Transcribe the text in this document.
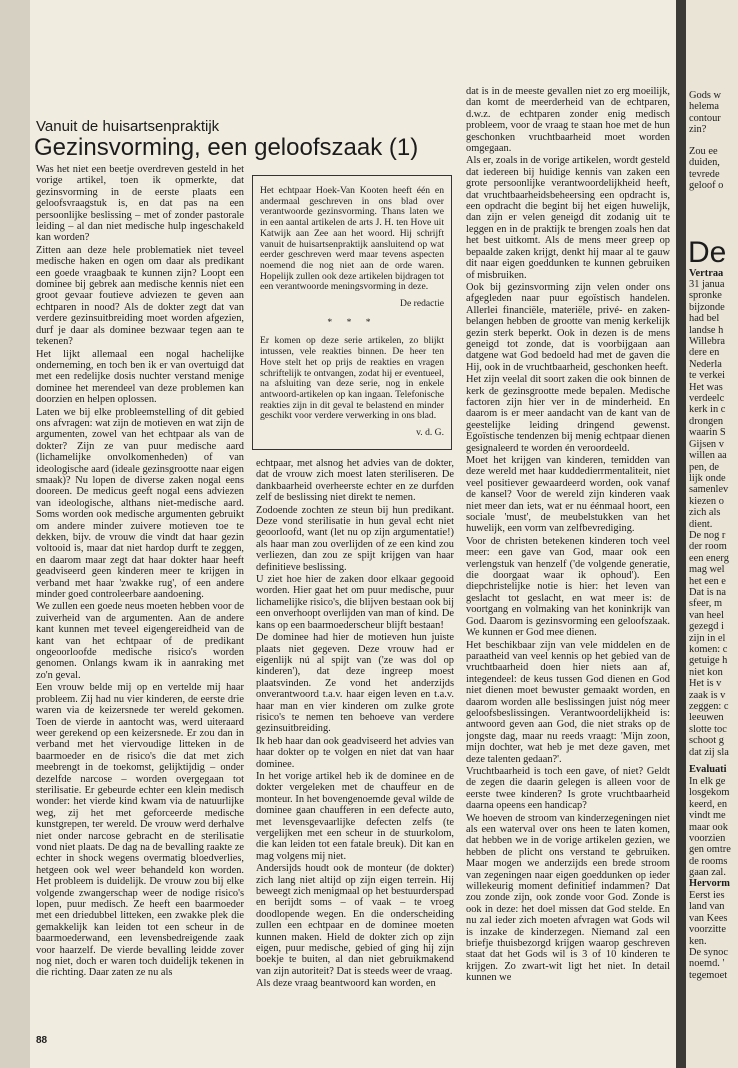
Vanuit de huisartsenpraktijk
Gezinsvorming, een geloofszaak (1)

Was het niet een beetje overdreven gesteld in het vorige artikel, toen ik opmerkte, dat gezinsvorming in de eerste plaats een geloofsvraagstuk is, en dat pas na een persoonlijke beslissing – met of zonder pastorale leiding – al dan niet medische hulp ingeschakeld kan worden?

Zitten aan deze hele problematiek niet teveel medische haken en ogen om daar als predikant een goede vraagbaak te kunnen zijn? Loopt een dominee bij gebrek aan medische kennis niet een groot gevaar foutieve adviezen te geven aan echtparen in nood? Als de dokter zegt dat van verdere gezinsuitbreiding moet worden afgezien, durf je daar als dominee bezwaar tegen aan te tekenen?

Het lijkt allemaal een nogal hachelijke onderneming, en toch ben ik er van overtuigd dat met een redelijke dosis nuchter verstand menige dominee het merendeel van deze problemen kan doorzien en helpen oplossen.

Laten we bij elke probleemstelling of dit gebied ons afvragen: wat zijn de motieven en wat zijn de argumenten, zowel van het echtpaar als van de dokter? Zijn ze van puur medische aard (lichamelijke onvolkomenheden) of van ideologische aard (ideale gezinsgrootte naar eigen smaak)? Nu lopen de diverse zaken nogal eens dooreen. De medicus geeft nogal eens adviezen van ideologische, althans niet-medische aard. Soms worden ook medische argumenten gebruikt om andere minder zuivere motieven toe te dekken, bijv. de vrouw die vindt dat haar gezin voltooid is, maar dat niet hardop durft te zeggen, en daarom maar zegt dat haar dokter haar heeft geadviseerd geen kinderen meer te krijgen in verband met haar 'zwakke rug', of een andere minder goed controleerbare aandoening.

We zullen een goede neus moeten hebben voor de zuiverheid van de argumenten. Aan de andere kant kunnen met teveel eigengereidheid van de kant van het echtpaar of de predikant ongeoorloofde medische risico's worden genomen. Onlangs kwam ik in aanraking met zo'n geval.

Een vrouw belde mij op en vertelde mij haar probleem. Zij had nu vier kinderen, de eerste drie waren via de keizersnede ter wereld gekomen. Toen de vierde in aantocht was, werd uiteraard weer gerekend op een keizersnede. Er zou dan in verband met het viervoudige litteken in de baarmoeder en de risico's die dat met zich meebrengt in de toekomst, gelijktijdig – onder dezelfde narcose – worden overgegaan tot sterilisatie. Er gebeurde echter een klein medisch wonder: het vierde kind kwam via de natuurlijke weg, zij het met geforceerde medische kunstgrepen, ter wereld. De vrouw werd derhalve niet onder narcose gebracht en de sterilisatie vond niet plaats. De dag na de bevalling raakte ze echter in shock wegens overmatig bloedverlies, hetgeen ook wel weer behandeld kon worden. Het probleem is duidelijk. De vrouw zou bij elke volgende zwangerschap weer de nodige risico's lopen, puur medisch. Ze heeft een baarmoeder met een driedubbel litteken, een zwakke plek die gemakkelijk kan leiden tot een scheur in de baarmoederwand, een levensbedreigende zaak voor haarzelf. De vierde bevalling leidde zover nog niet, doch er waren toch duidelijk tekenen in die richting. Daar zaten ze nu als

Het echtpaar Hoek-Van Kooten heeft één en andermaal geschreven in ons blad over verantwoorde gezinsvorming. Thans laten we in een aantal artikelen de arts J. H. ten Hove uit Katwijk aan Zee aan het woord. Hij schrijft vanuit de huisartsenpraktijk aansluitend op wat eerder geschreven werd maar tevens aspecten noemend die nog niet aan de orde waren. Hopelijk zullen ook deze artikelen bijdragen tot een verantwoorde meningsvorming in deze.

De redactie

* * *

Er komen op deze serie artikelen, zo blijkt intussen, vele reakties binnen. De heer ten Hove stelt het op prijs de reakties en vragen schriftelijk te ontvangen, zodat hij er eventueel, na afsluiting van deze serie, nog in enkele antwoord-artikelen op kan ingaan. Telefonische reakties zijn in dit geval te belastend en minder geschikt voor verdere verwerking in ons blad.

v. d. G.

echtpaar, met alsnog het advies van de dokter, dat de vrouw zich moest laten steriliseren. De dankbaarheid overheerste echter en ze durfden zelf de beslissing niet direkt te nemen.

Zodoende zochten ze steun bij hun predikant. Deze vond sterilisatie in hun geval echt niet geoorloofd, want (let nu op zijn argumentatie!) als haar man zou overlijden of ze een kind zou verliezen, dan zou ze spijt krijgen van haar definitieve beslissing.

U ziet hoe hier de zaken door elkaar gegooid worden. Hier gaat het om puur medische, puur lichamelijke risico's, die blijven bestaan ook bij een onverhoopt overlijden van man of kind. De kans op een baarmoederscheur blijft bestaan!

De dominee had hier de motieven hun juiste plaats niet gegeven. Deze vrouw had er eigenlijk nú al spijt van ('ze was dol op kinderen'), dat deze ingreep moest plaatsvinden. Ze vond het anderzijds onverantwoord t.a.v. haar eigen leven en t.a.v. haar man en vier kinderen om zulke grote risico's te nemen ten behoeve van verdere gezinsuitbreiding.

Ik heb haar dan ook geadviseerd het advies van haar dokter op te volgen en niet dat van haar dominee.

In het vorige artikel heb ik de dominee en de dokter vergeleken met de chauffeur en de monteur. In het bovengenoemde geval wilde de dominee gaan chaufferen in een defecte auto, met levensgevaarlijke defecten zelfs (te vergelijken met een scheur in de stuurkolom, die kan leiden tot een fatale breuk). Dit kan en mag volgens mij niet.

Andersijds houdt ook de monteur (de dokter) zich lang niet altijd op zijn eigen terrein. Hij beweegt zich menigmaal op het bestuurderspad en berijdt soms – of vaak – te vroeg doodlopende wegen. En die onderscheiding zullen een echtpaar en de dominee moeten kunnen maken. Hield de dokter zich op zijn eigen, puur medische, gebied of ging hij zijn boekje te buiten, al dan niet gebruikmakend van zijn autoriteit? Dat is steeds weer de vraag.

Als deze vraag beantwoord kan worden, en

dat is in de meeste gevallen niet zo erg moeilijk, dan komt de meerderheid van de echtparen, d.w.z. de echtparen zonder enig medisch probleem, voor de vraag te staan hoe met de hun geschonken vruchtbaarheid moet worden omgegaan.

Als er, zoals in de vorige artikelen, wordt gesteld dat iedereen bij huidige kennis van zaken een grote persoonlijke verantwoordelijkheid heeft, dat vruchtbaarheidsbeheersing een opdracht is, een opdracht die begint bij het eigen huwelijk, dan zijn er velen geneigd dit zodanig uit te leggen en in de praktijk te brengen zoals hen dat het best uitkomt. Als de mens meer greep op bepaalde zaken krijgt, denkt hij maar al te gauw dit naar eigen goeddunken te kunnen gebruiken of misbruiken.

Ook bij gezinsvorming zijn velen onder ons afgegleden naar puur egoïstisch handelen. Allerlei financiële, materiële, privé- en zaken-belangen hebben de grootte van menig kerkelijk gezin sterk beperkt. Ook in dezen is de mens geneigd tot zonde, dat is voorbijgaan aan datgene wat God bedoeld had met de gaven die Hij, ook in de vruchtbaarheid, geschonken heeft.

Het zijn veelal dit soort zaken die ook binnen de kerk de gezinsgrootte mede bepalen. Medische factoren zijn hier ver in de minderheid. En daarom is er meer aandacht van de kant van de geestelijke leiding dringend gewenst. Egoïstische tendenzen bij menig echtpaar dienen gesignaleerd te worden én veroordeeld.

Moet het krijgen van kinderen, temidden van deze wereld met haar kuddedierrmentaliteit, niet veel positiever gewaardeerd worden, ook vanaf de kansel? Voor de wereld zijn kinderen vaak niet meer dan iets, wat er nu éénmaal hoort, een sociale 'must', de meubelstukken van het huwelijk, een vorm van zelfbevrediging.

Voor de christen betekenen kinderen toch veel meer: een gave van God, maar ook een verlengstuk van henzelf ('de volgende generatie, die doorgaat waar ik ophoud'). Een diepchristelijke notie is hier: het leven van geslacht tot geslacht, en wat meer is: de voortgang en volmaking van het koninkrijk van God. Daarom is gezinsvorming een geloofszaak. We kunnen er God mee dienen.

Het beschikbaar zijn van vele middelen en de paraatheid van veel kennis op het gebied van de vruchtbaarheid doen hier niets aan af, integendeel: de keus tussen God dienen en God niet dienen moet bewuster gemaakt worden, en daarom worden alle beslissingen juist nóg meer geloofsbeslissingen. Verantwoordelijkheid is: antwoord geven aan God, die niet straks op de jongste dag, maar nu reeds vraagt: 'Mijn zoon, mijn dochter, wat heb je met deze gaven, met deze talenten gedaan?'.

Vruchtbaarheid is toch een gave, of niet? Geldt de zegen die daarin gelegen is alleen voor de eerste twee kinderen? Is grote vruchtbaarheid daarna opeens een handicap?

We hoeven de stroom van kinderzegeningen niet als een waterval over ons heen te laten komen, dat hebben we in de vorige artikelen gezien, we hebben de plicht ons verstand te gebruiken. Maar mogen we anderzijds een brede stroom van zegeningen naar eigen goeddunken op ieder willekeurig moment definitief indammen? Dat zou zonde zijn, ook zonde voor God. Zonde is ook in deze: het doel missen dat God stelde. En nu zal ieder zich moeten afvragen wat Gods wil is inzake de kinderzegen. Niemand zal een briefje thuisbezorgd krijgen waarop geschreven staat dat het Gods wil is 3 of 10 kinderen te krijgen. Zo zwart-wit ligt het niet. In detail kunnen we

88
Gods w
helema
contour
zin?
Zou ee
duiden,
tevrede
geloof o
De
Vertraa
31 janua
spronke
bijzonde
had bel
landse h
Willebra
dere en
Nederla
te verkei
Het was
verdeelc
kerk in c
drongen
waarin S
Gijsen v
willen aa
pen, de
lijk onde
samenlev
kiezen o
zich als
dient.
De nog r
der room
een energ
mag wel
het een e
Dat is na
sfeer, m
van heel
gezegd i
zijn in el
komen: c
getuige h
niet kon
Het is v
zaak is v
zeggen: c
leeuwen
slotte toc
schoot g
dat zij sla
Evaluati
In elk ge
losgekom
keerd, en
vindt me
maar ook
voorzien
gen omtre
de rooms
gaan zal.
Hervorm
Eerst ies
land van
van Kees
voorzitte
ken.
De synoc
noemd. '
tegemoet
